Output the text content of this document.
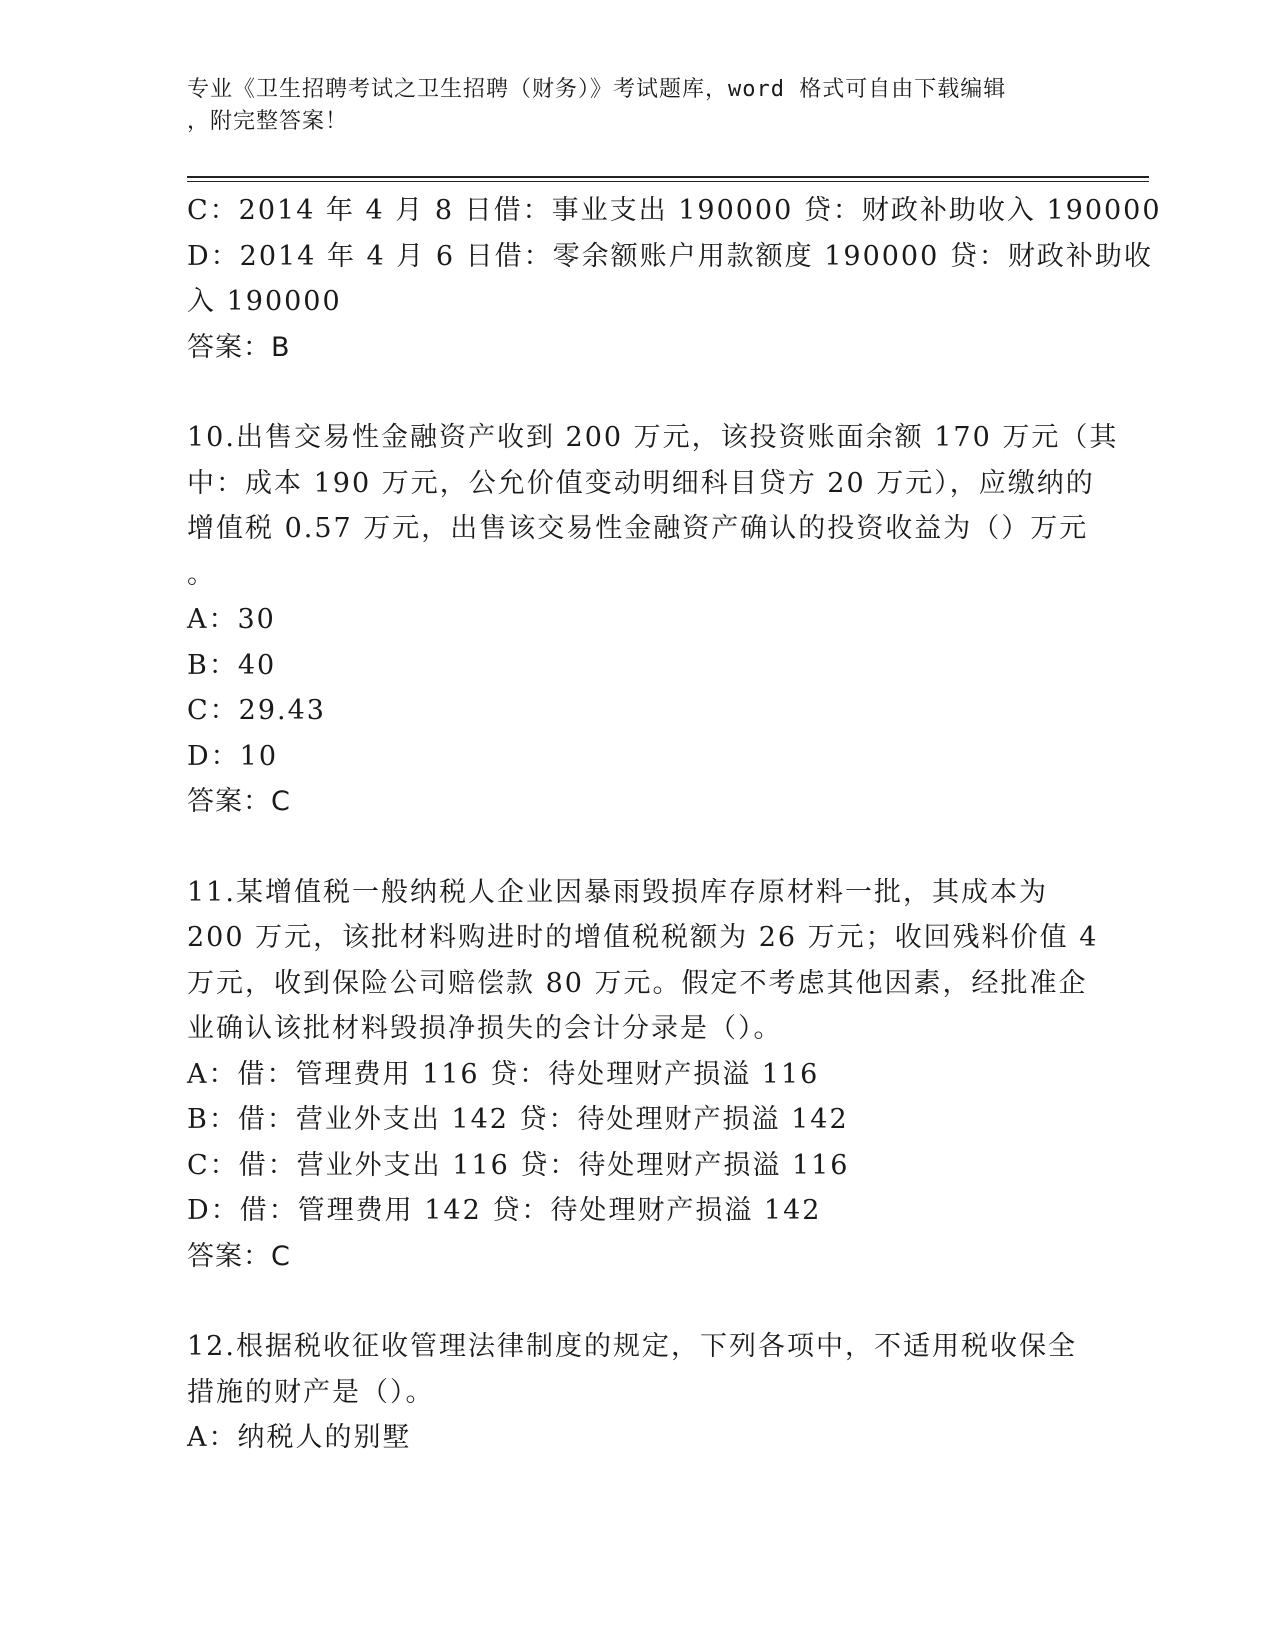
专业《卫生招聘考试之卫生招聘（财务）》考试题库，word 格式可自由下载编辑
，附完整答案！
C：2014 年 4 月 8 日借：事业支出 190000 贷：财政补助收入 190000
D：2014 年 4 月 6 日借：零余额账户用款额度 190000 贷：财政补助收
入 190000
答案：B
10.出售交易性金融资产收到 200 万元，该投资账面余额 170 万元（其
中：成本 190 万元，公允价值变动明细科目贷方 20 万元），应缴纳的
增值税 0.57 万元，出售该交易性金融资产确认的投资收益为（）万元
。
A：30
B：40
C：29.43
D：10
答案：C
11.某增值税一般纳税人企业因暴雨毁损库存原材料一批，其成本为
200 万元，该批材料购进时的增值税税额为 26 万元；收回残料价值 4
万元，收到保险公司赔偿款 80 万元。假定不考虑其他因素，经批准企
业确认该批材料毁损净损失的会计分录是（）。
A：借：管理费用 116 贷：待处理财产损溢 116
B：借：营业外支出 142 贷：待处理财产损溢 142
C：借：营业外支出 116 贷：待处理财产损溢 116
D：借：管理费用 142 贷：待处理财产损溢 142
答案：C
12.根据税收征收管理法律制度的规定，下列各项中，不适用税收保全
措施的财产是（）。
A：纳税人的别墅
